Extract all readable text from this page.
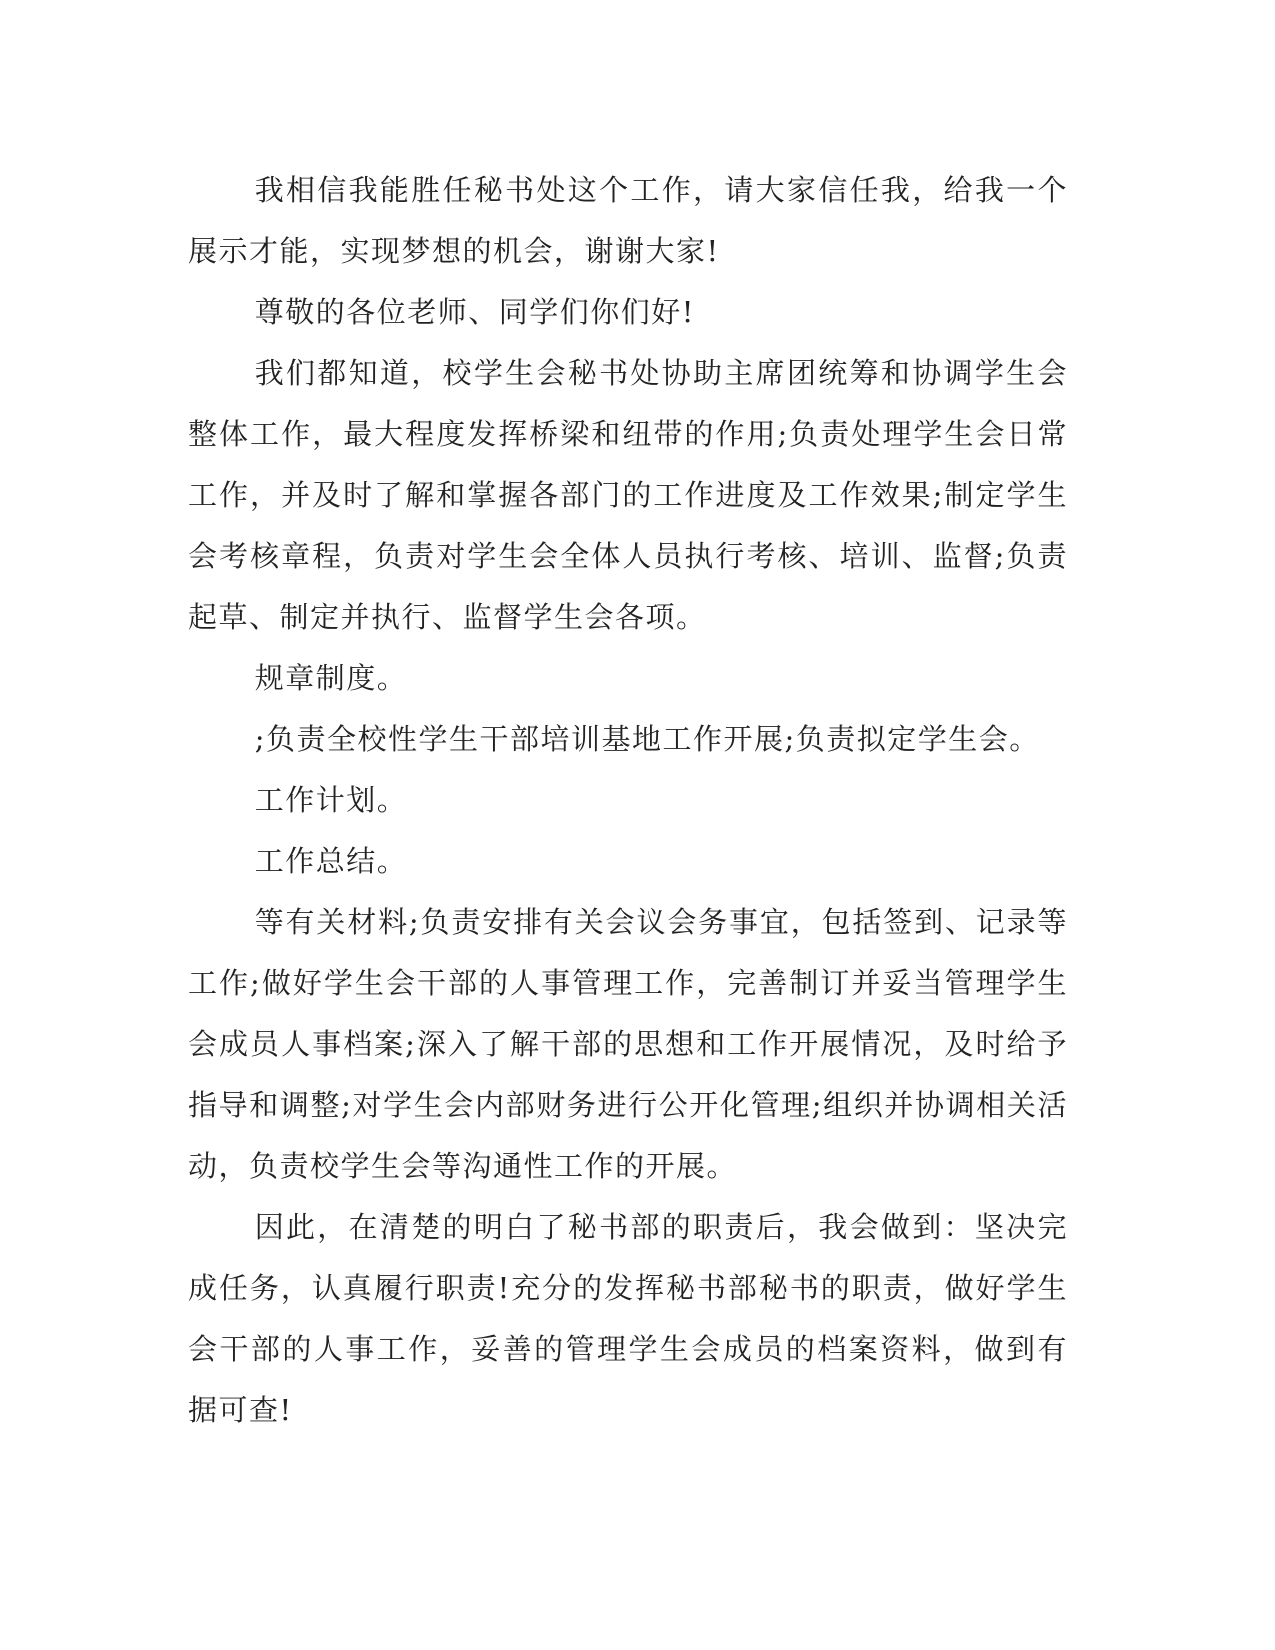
我相信我能胜任秘书处这个工作，请大家信任我，给我一个展示才能，实现梦想的机会，谢谢大家!

尊敬的各位老师、同学们你们好!

我们都知道，校学生会秘书处协助主席团统筹和协调学生会整体工作，最大程度发挥桥梁和纽带的作用;负责处理学生会日常工作，并及时了解和掌握各部门的工作进度及工作效果;制定学生会考核章程，负责对学生会全体人员执行考核、培训、监督;负责起草、制定并执行、监督学生会各项。

规章制度。

;负责全校性学生干部培训基地工作开展;负责拟定学生会。

工作计划。

工作总结。

等有关材料;负责安排有关会议会务事宜，包括签到、记录等工作;做好学生会干部的人事管理工作，完善制订并妥当管理学生会成员人事档案;深入了解干部的思想和工作开展情况，及时给予指导和调整;对学生会内部财务进行公开化管理;组织并协调相关活动，负责校学生会等沟通性工作的开展。

因此，在清楚的明白了秘书部的职责后，我会做到：坚决完成任务，认真履行职责!充分的发挥秘书部秘书的职责，做好学生会干部的人事工作，妥善的管理学生会成员的档案资料，做到有据可查!
